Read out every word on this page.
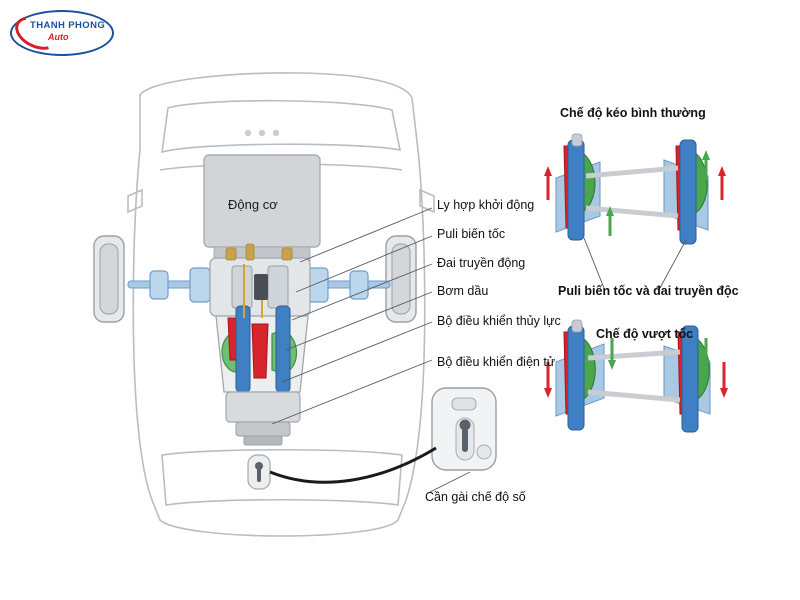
THANH PHONG
Auto
Động cơ	Ly hợp khởi động
Puli biến tốc
Đai truyền động
Bơm dầu
Bộ điều khiển thủy lực
Bộ điều khiển điện tử
Cần gài chế độ số
Chế độ kéo bình thường
Puli biến tốc và đai truyền độc
Chế độ vượt tốc
